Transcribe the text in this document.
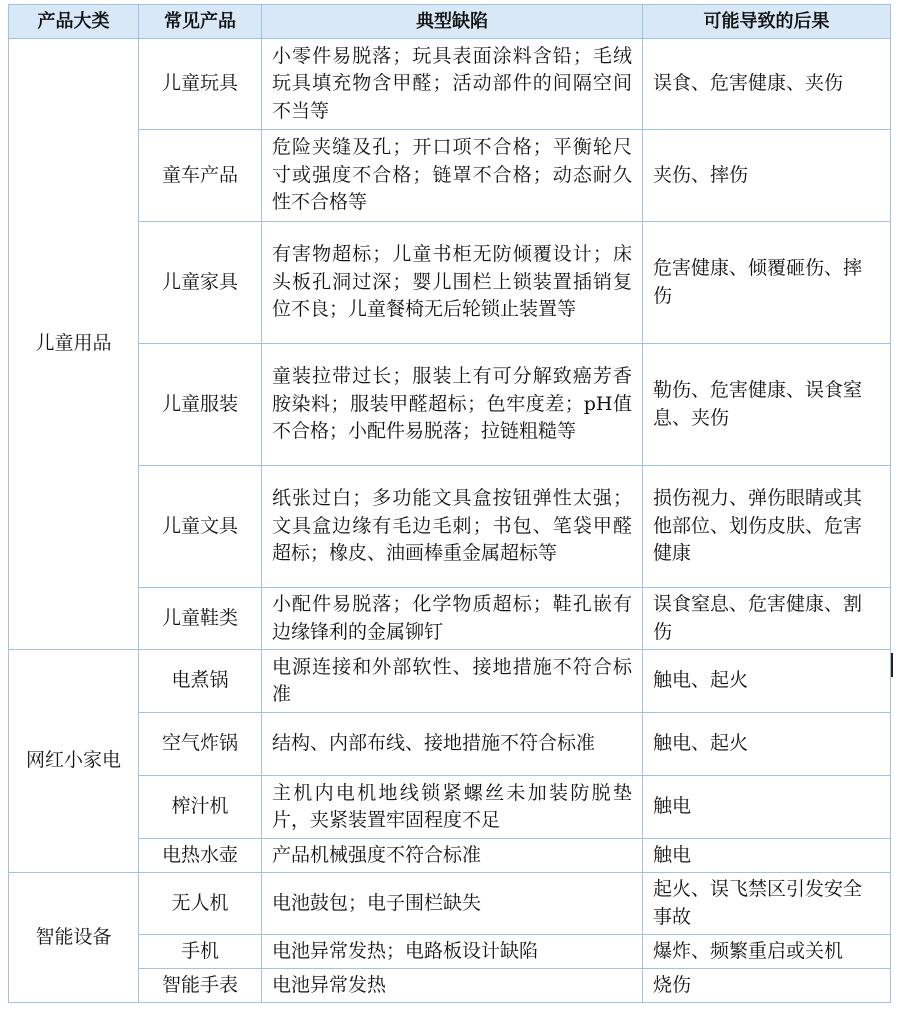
产品大类	常见产品	典型缺陷	可能导致的后果
儿童用品	儿童玩具	小零件易脱落；玩具表面涂料含铅；毛绒玩具填充物含甲醛；活动部件的间隔空间不当等	误食、危害健康、夹伤
	童车产品	危险夹缝及孔；开口项不合格；平衡轮尺寸或强度不合格；链罩不合格；动态耐久性不合格等	夹伤、摔伤
	儿童家具	有害物超标；儿童书柜无防倾覆设计；床头板孔洞过深；婴儿围栏上锁装置插销复位不良；儿童餐椅无后轮锁止装置等	危害健康、倾覆砸伤、摔伤
	儿童服装	童装拉带过长；服装上有可分解致癌芳香胺染料；服装甲醛超标；色牢度差；pH值不合格；小配件易脱落；拉链粗糙等	勒伤、危害健康、误食窒息、夹伤
	儿童文具	纸张过白；多功能文具盒按钮弹性太强；文具盒边缘有毛边毛刺；书包、笔袋甲醛超标；橡皮、油画棒重金属超标等	损伤视力、弹伤眼睛或其他部位、划伤皮肤、危害健康
	儿童鞋类	小配件易脱落；化学物质超标；鞋孔嵌有边缘锋利的金属铆钉	误食窒息、危害健康、割伤
网红小家电	电煮锅	电源连接和外部软性、接地措施不符合标准	触电、起火
	空气炸锅	结构、内部布线、接地措施不符合标准	触电、起火
	榨汁机	主机内电机地线锁紧螺丝未加装防脱垫片，夹紧装置牢固程度不足	触电
	电热水壶	产品机械强度不符合标准	触电
智能设备	无人机	电池鼓包；电子围栏缺失	起火、误飞禁区引发安全事故
	手机	电池异常发热；电路板设计缺陷	爆炸、频繁重启或关机
	智能手表	电池异常发热	烧伤
